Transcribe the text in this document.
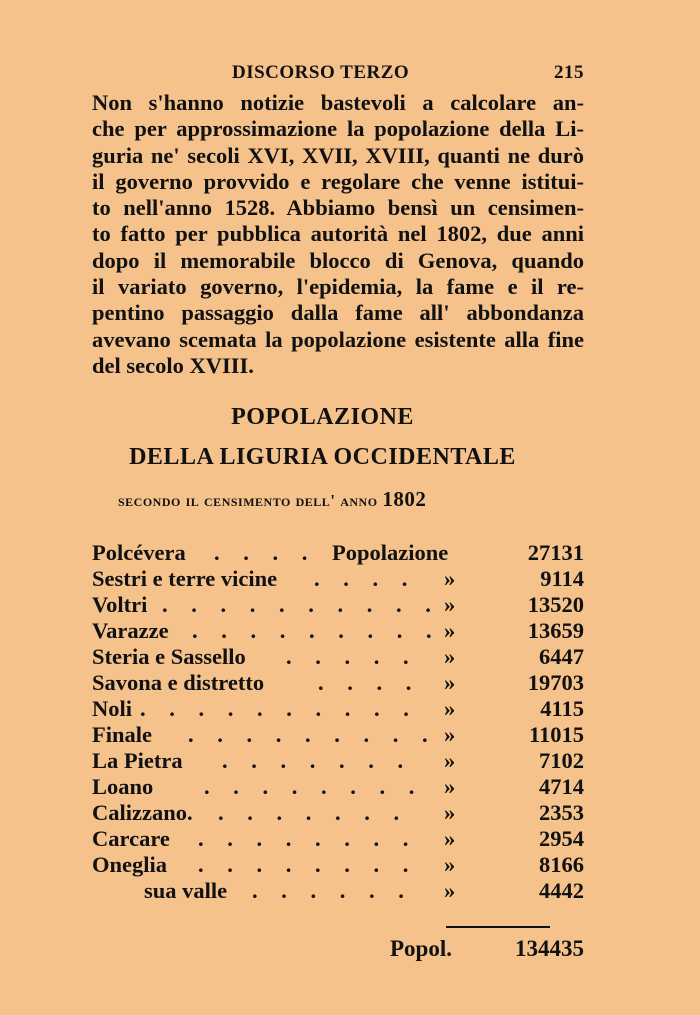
DISCORSO TERZO	215
Non s'hanno notizie bastevoli a calcolare an-
che per approssimazione la popolazione della Li-
guria ne' secoli XVI, XVII, XVIII, quanti ne durò
il governo provvido e regolare che venne istitui-
to nell'anno 1528. Abbiamo bensì un censimen-
to fatto per pubblica autorità nel 1802, due anni
dopo il memorabile blocco di Genova, quando
il variato governo, l'epidemia, la fame e il re-
pentino passaggio dalla fame all' abbondanza
avevano scemata la popolazione esistente alla fine
del secolo XVIII.
POPOLAZIONE
DELLA LIGURIA OCCIDENTALE
secondo il censimento dell' anno 1802
Polcévera . . . . Popolazione	27131
Sestri e terre vicine . . . . »	9114
Voltri . . . . . . . . . . »	13520
Varazze . . . . . . . . . »	13659
Steria e Sassello . . . . . »	6447
Savona e distretto . . . . »	19703
Noli . . . . . . . . . . »	4115
Finale . . . . . . . . . »	11015
La Pietra . . . . . . . »	7102
Loano . . . . . . . . »	4714
Calizzano. . . . . . . . »	2353
Carcare . . . . . . . . »	2954
Oneglia . . . . . . . . »	8166
sua valle . . . . . . »	4442
Popol.	134435
